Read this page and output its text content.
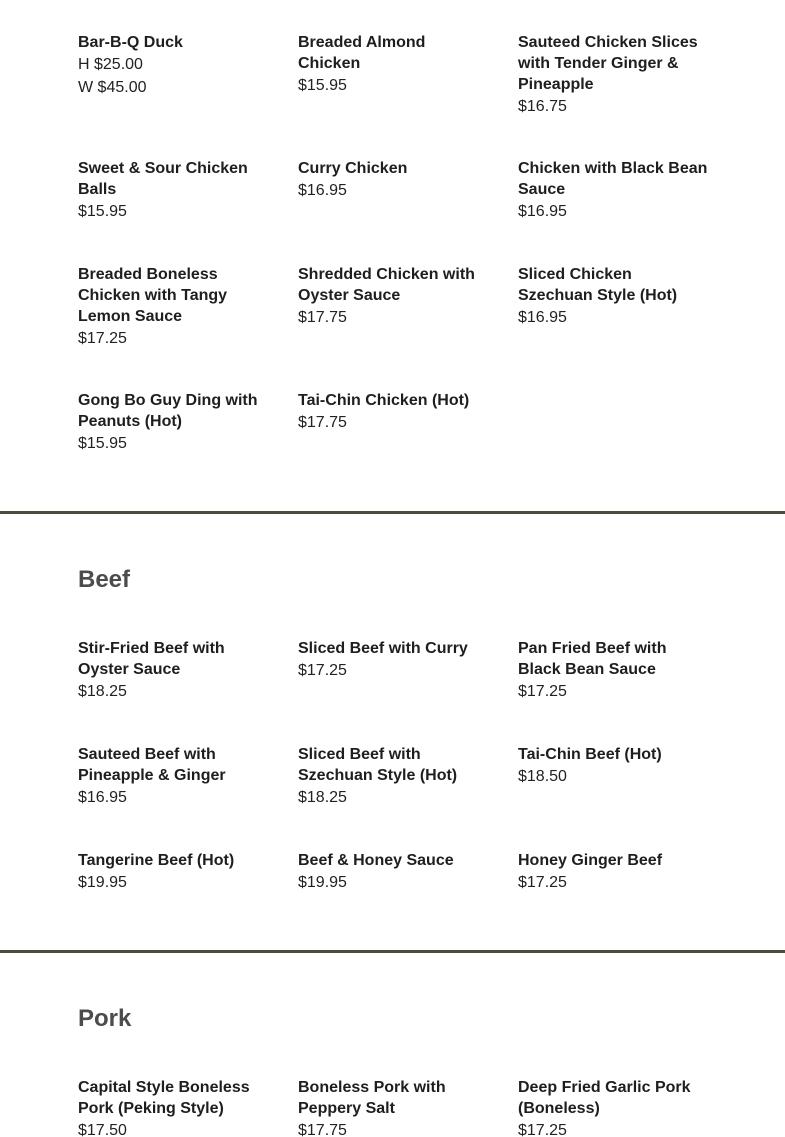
Bar-B-Q Duck

H $25.00

W $45.00

Breaded Almond Chicken

$15.95

Sauteed Chicken Slices with Tender Ginger & Pineapple

$16.75

Sweet & Sour Chicken Balls

$15.95

Curry Chicken

$16.95

Chicken with Black Bean Sauce

$16.95

Breaded Boneless Chicken with Tangy Lemon Sauce

$17.25

Shredded Chicken with Oyster Sauce

$17.75

Sliced Chicken Szechuan Style (Hot)

$16.95

Gong Bo Guy Ding with Peanuts (Hot)

$15.95

Tai-Chin Chicken (Hot)

$17.75

Beef

Stir-Fried Beef with Oyster Sauce

$18.25

Sliced Beef with Curry

$17.25

Pan Fried Beef with Black Bean Sauce

$17.25

Sauteed Beef with Pineapple & Ginger

$16.95

Sliced Beef with Szechuan Style (Hot)

$18.25

Tai-Chin Beef (Hot)

$18.50

Tangerine Beef (Hot)

$19.95

Beef & Honey Sauce

$19.95

Honey Ginger Beef

$17.25

Pork

Capital Style Boneless Pork (Peking Style)

$17.50

Boneless Pork with Peppery Salt

$17.75

Deep Fried Garlic Pork (Boneless)

$17.25
